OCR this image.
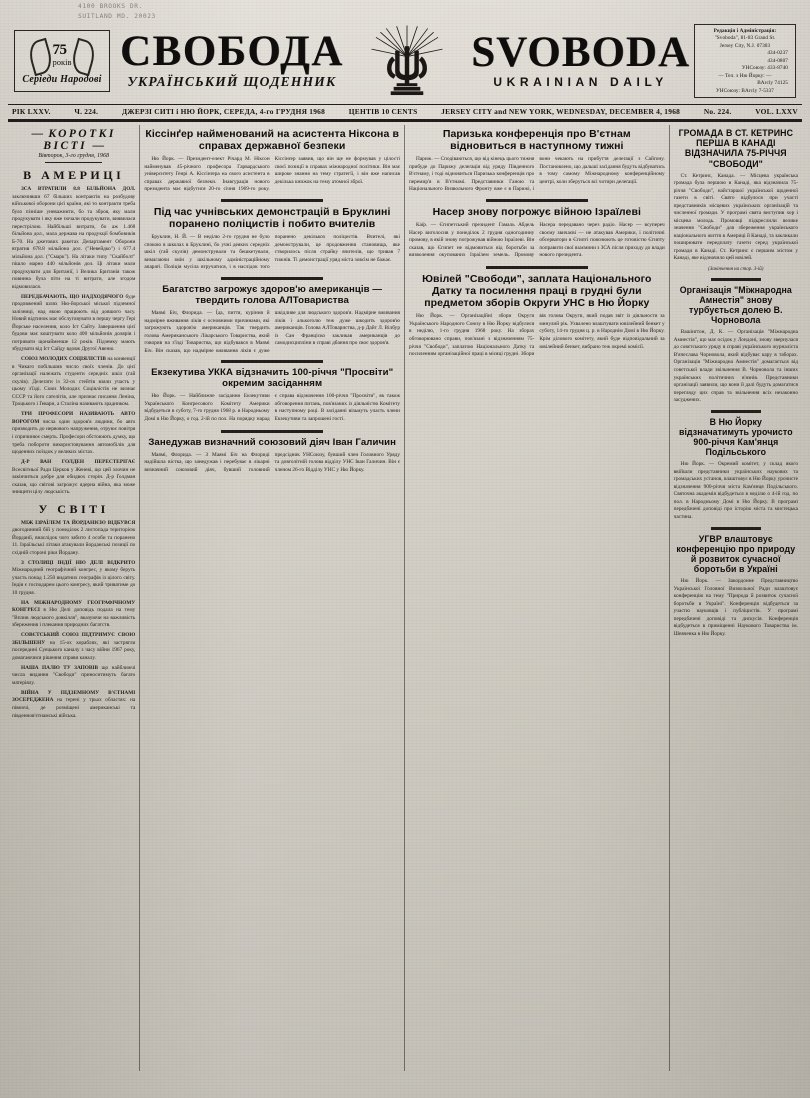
4100 BROOKS DR.
SUITLAND MD. 20023
75
років
Серіеди Народові
СВОБОДА
УКРАЇНСЬКИЙ ЩОДЕННИК
SVOBODA
UKRAINIAN DAILY
Редакція і Адміністрація:
"Svoboda", 81-83 Grand St.
Jersey City, N.J. 07303
434-0237
434-0807
УНСоюзу: 433-8740
— Тел. з Ню Йорку: —
BArcly 74125
УНСоюзу: BArcly 7-5337
РІК LXXV.	Ч. 224.	ДЖЕРЗІ СИТІ і НЮ ЙОРК, СЕРЕДА, 4-го ГРУДНЯ 1968	ЦЕНТІВ 10 CENTS	JERSEY CITY and NEW YORK, WEDNESDAY, DECEMBER 4, 1968	No. 224.	VOL. LXXV
— КОРОТКІ ВІСТІ —
Вівторок, 3-го грудня, 1968
В АМЕРИЦІ

ЗСА ВТРАТИЛИ 8.8 БІЛЬЙОНА ДОЛ. заключивши 67 більших контрактів на розбудову військової оборони цієї країни, які то контракти треба було пізніше уневажнити, бо та зброя, яку мали продукувати і яку вже почали продукувати, виявилася перестрілою. Найбільші витрати, бо аж 1.468 більйона дол., мала держава на продукції бомбовиків Б-70. На джетових ракетах Департамент Оборони втратив 678.8 мільйона дол. ("Невейдко") і 677.4 мільйона дол. ("Смарк"). На літаки типу "Скайболт" пішло марно 440 мільйонів дол. Ці літаки мали продукувати для Британії, і Велика Британія також повинна була піти на ті витрати, але згодом відмовилася.

ПЕРЕДБАЧАЮТЬ, ЩО НАДХОДЯЧОГО буде продовжений шлях Ню-йорської міської підземної залізниці, над якою працюють від довшого часу. Новий відтинок має обслуговувати в першу чергу Гері Йорське населення, коло Іст Сайту. Завершення цієї будови має коштувати коло 400 мільйонів долярів і потривати щонайменше 12 років. Підземку мають збудувати від Іст Сайду вдовж Другої Авеню.

СОЮЗ МОЛОДИХ СОЦІЯЛІСТІВ на конвенції в Чикаго побільшив число своїх членів. До цієї організації належать студенти середніх шкіл (гай скулів). Делеґати із 32-ох стейтів взяли участь у цьому з'їзді. Союз Молодих Соціялістів не визнає СССР та його сателітів, але признає писання Леніна, Троцького і Ґевари, а Сталіна називають зрадником.

ТРИ ПРОФЕСОРИ НАЗИВАЮТЬ АВТО ВОРОГОМ числа один здоров'я людини, бо авто призводить до нервового напруження, отруює повітря і спричинює смерть. Професори обстоюють думку, що треба побороти використовування автомобілів для щоденних поїздок у великих містах.

Д-Р ВАН ГОЛДЕН ПЕРЕСТЕРІГАЄ Всесвітньої Ради Церков у Женеві, що цей злочин не закінчиться добре для обидвох сторін. Д-р Ґолдман сказав, що світові загрожує ядерна війна, яка може знищити цілу людськість.

У СВІТІ

МІЖ ІЗРАЇЛЕМ ТА ЙОРДАНІЄЮ ВІДБУВСЯ двогодинний бій у понеділок 2 листопада територією Йорданії, внаслідок чого забито 4 особи та поранено 11. Ізраїльські літаки атакували йорданські позиції по східній стороні ріки Йордану.

З СТОЛИЦІ ІНДІЇ НЮ ДЕЛІ ВІДКРИТО Міжнародний географічний конгрес, у якому беруть участь понад 1.250 видатних географів із цілого світу. Індія є господарем цього конгресу, який триватиме до 10 грудня.

НА МІЖНАРОДНОМУ ГЕОГРАФІЧНОМУ КОНГРЕСІ в Ню Делі доповідь подала на тему "Вплив людського довкілля", вказуючи на важливість збереження і плекання природних багатств.

СОВЄТСЬКИЙ СОЮЗ ПІДТРИМУЄ СВОЮ ЗБІЛЬШЕНУ на 15-ох кораблях, які застрягли посередині Суецького каналу з часу війни 1967 року, домагаючися рішення справи каналу.

НАША ПАЛЮ ТУ ЗАПОВІВ що найближчі числа видання "Свободи" приноситимуть багато матеріялу.

ВІЙНА У ПІДЗЕМНОМУ В'ЄТНАМІ ЗОСЕРЕДЖЕНА на терені у трьох областях: на півночі, де розміщені американські та південнов'єтнамські війська.

Кіссінґер найменований на асистента Ніксона в справах державної безпеки

Ню Йорк. — Президент-елект Річард М. Ніксон найменував 45-річного професора Гарвардського університету Генрі А. Кіссінґера на свого асистента в справах державної безпеки. Інавґурація нового президента має відбутися 20-го січня 1969-го року. Кіссінґер заявив, що він ще не формував у цілості своєї позиції в справах міжнародної політики. Він має широке знання на тему стратегії, і він вже написав декілька книжок на тему атомної зброї.

Під час учнівських демонстрацій в Бруклині поранено поліцистів і побито вчителів

Бруклин, Н. Й. — В неділю 2-го грудня не було спокою в школах в Бруклині, бо учні деяких середніх шкіл (гай скулів) демонстрували та бешкетували, вимагаючи змін у шкільному адміністраційному апараті. Поліція мусіла втручатися, і в наслідок того поранено декількох поліцистів. Вчителі, які демонстрували, це продовження становища, яке створилось після страйку вчителів, що тривав 7 тижнів. Ті демонстрації уряд міста зовсім не бажає.

Багатство загрожує здоров'ю американців — твердить голова АЛТовариства

Маямі Біч, Флорида. — Їда, пиття, куріння й надмірне вживання ліків є основними причинами, які загрожують здоров'ю американців. Так твердить голова Американського Лікарського Товариства, який говорив на з'їзді Товариства, що відбувався в Маямі Біч. Він сказав, що надмірне вживання ліків є дуже шкідливе для людського здоров'я. Надмірне вживання ліків і алькоголю теж дуже шкодить здоров'ю американців. Голова АЛТовариства, д-р Дайт Л. Вілбур із Сан Франціско закликав американців до самодисципліни в справі дбання про своє здоров'я.

Екзекутива УККА відзначить 100-річчя "Просвіти" окремим засіданням

Ню Йорк. — Найближче засідання Екзекутиви Українського Конґресового Комітету Америки відбудеться в суботу, 7-го грудня 1968 р. в Народньому Домі в Ню Йорку, о год. 2-ій по пол. На порядку нарад є справа відзначення 100-річчя "Просвіти", як також обговорення питань, пов'язаних із діяльністю Комітету в наступному році. В засіданні візьмуть участь члени Екзекутиви та запрошені гості.

Занедужав визначний союзовий діяч Іван Галичин

Маямі, Флорида. — З Маямі Біч на Флориді надійшла вістка, що занедужав і перебуває в лікарні визначний союзовий діяч, бувший головний предсідник УНСоюзу, бувший член Головного Уряду та довголітній голова відділу УНС Іван Галичин. Він є членом 26-го Відділу УНС у Ню Йорку.

Паризька конференція про В'єтнам відновиться в наступному тижні

Париж. — Сподіваються, що від кінець цього тижня прибуде до Парижу делеґація від уряду Південного В'єтнаму, і тоді відновиться Паризька конференція про перемир'я в В'єтнамі. Представники Ганою та Національного Визвольного Фронту вже є в Парижі, і вони чекають на прибуття делеґації з Сайґону. Постановлено, що дальші засідання будуть відбуватись в тому самому Міжнародному конференційному центрі, коли зберуться всі чотири делеґації.

Насер знову погрожує війною Ізраїлеві

Каїр. — Єгипетський президент Гамаль Абдель Насер виголосив у понеділок 2 грудня одногодинну промову, в якій знову погрожував війною Ізраїлеві. Він сказав, що Єгипет не відмовиться від боротьби за визволення окупованих Ізраїлем земель. Промову Насера передавано через радіо. Насер — всупереч своєму звичаєві — не атакував Америки, і політичні обсерватори в Єгипті пояснюють це готовістю Єгипту поправити свої взаємини з ЗСА після приходу до влади нового президента.

Ювілей "Свободи", заплата Національного Датку та посилення праці в грудні були предметом зборів Округи УНС в Ню Йорку

Ню Йорк. — Організаційні збори Округи Українського Народного Союзу в Ню Йорку відбулися в неділю, 1-го грудня 1968 року. На зборах обговорювано справи, пов'язані з відзначенням 75-річчя "Свободи", заплатою Національного Датку та посиленням організаційної праці в місяці грудні. Збори вів голова Округи, який подав звіт із діяльности за минулий рік. Ухвалено влаштувати ювілейний бенкет у суботу, 14-го грудня ц. р. в Народнім Домі в Ню Йорку. Крім ділового комітету, який буде відповідальний за ювілейний бенкет, вибрано теж окремі комісії.

ГРОМАДА В СТ. КЕТРИНС ПЕРША В КАНАДІ ВІДЗНАЧИЛА 75-РІЧЧЯ "СВОБОДИ"

Ст. Кетринс, Канада. — Місцева українська громада була першою в Канаді, яка відзначила 75-річчя "Свободи", найстаршої української щоденної газети в світі. Свято відбулося при участі представників місцевих українських організацій та численної громади. У програмі свята виступив хор і місцева молодь. Промовці підкреслили велике значення "Свободи" для збереження українського національного життя в Америці й Канаді, та закликали поширювати передплату газети серед української громади в Канаді. Ст. Кетринс є першим містом у Канаді, яке відзначило цей ювілей.

(Закінчення на стор. 3-ій)

Організація "Міжнародна Амнестія" знову турбується долею В. Чорновола

Вашінґтон, Д. К. — Організація "Міжнародна Амнестія", що має осідок у Лондоні, знову звернулася до совєтського уряду в справі українського журналіста В'ячеслава Чорновола, який відбуває кару в таборах. Організація "Міжнародна Амнестія" домагається від совєтської влади звільнення В. Чорновола та інших українських політичних в'язнів. Представники організації заявили, що вони й далі будуть домагатися перегляду цих справ та звільнення всіх незаконно засуджених.

В Ню Йорку відзначатимуть урочисто 900-річчя Кам'янця Подільського

Ню Йорк. — Окремий комітет, у склад якого ввійшли представники українських наукових та громадських установ, влаштовує в Ню Йорку урочисте відзначення 900-річчя міста Кам'янця Подільського. Святочна академія відбудеться в неділю о 4-ій год. по пол. в Народньому Домі в Ню Йорку. В програмі передбачені доповіді про історію міста та мистецька частина.

УГВР влаштовує конференцію про природу й розвиток сучасної боротьби в Україні

Ню Йорк. — Закордонне Представництво Української Головної Визвольної Ради влаштовує конференцію на тему "Природа й розвиток сучасної боротьби в Україні". Конференція відбудеться за участю науковців і публіцистів. У програмі передбачені доповіді та дискусія. Конференція відбудеться в приміщенні Наукового Товариства ім. Шевченка в Ню Йорку.
